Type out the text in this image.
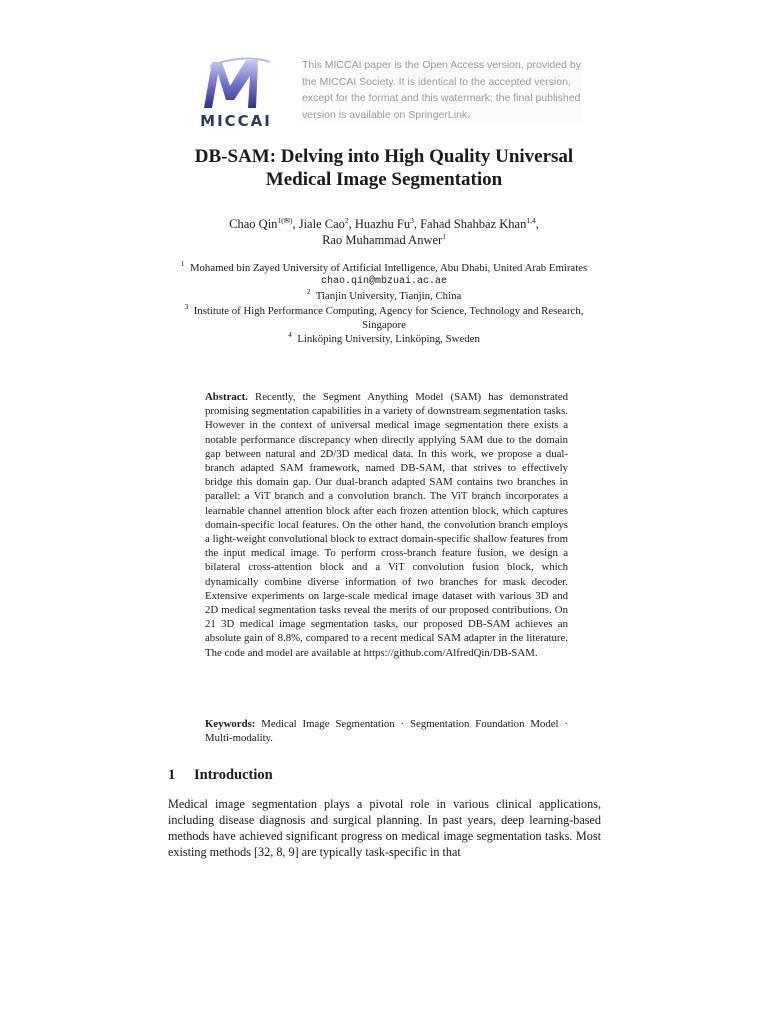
MICCAI
This MICCAI paper is the Open Access version, provided by the MICCAI Society. It is identical to the accepted version, except for the format and this watermark; the final published version is available on SpringerLink.
DB-SAM: Delving into High Quality Universal
Medical Image Segmentation
Chao Qin$^{1(✉)}$, Jiale Cao$^2$, Huazhu Fu$^3$, Fahad Shahbaz Khan$^{1,4}$,
Rao Muhammad Anwer$^1$
$^1$ Mohamed bin Zayed University of Artificial Intelligence, Abu Dhabi, United Arab Emirates
chao.qin@mbzuai.ac.ae
$^2$ Tianjin University, Tianjin, China
$^3$ Institute of High Performance Computing, Agency for Science, Technology and Research, Singapore
$^4$ Linköping University, Linköping, Sweden
Abstract. Recently, the Segment Anything Model (SAM) has demonstrated promising segmentation capabilities in a variety of downstream segmentation tasks. However in the context of universal medical image segmentation there exists a notable performance discrepancy when directly applying SAM due to the domain gap between natural and 2D/3D medical data. In this work, we propose a dual-branch adapted SAM framework, named DB-SAM, that strives to effectively bridge this domain gap. Our dual-branch adapted SAM contains two branches in parallel: a ViT branch and a convolution branch. The ViT branch incorporates a learnable channel attention block after each frozen attention block, which captures domain-specific local features. On the other hand, the convolution branch employs a light-weight convolutional block to extract domain-specific shallow features from the input medical image. To perform cross-branch feature fusion, we design a bilateral cross-attention block and a ViT convolution fusion block, which dynamically combine diverse information of two branches for mask decoder. Extensive experiments on large-scale medical image dataset with various 3D and 2D medical segmentation tasks reveal the merits of our proposed contributions. On 21 3D medical image segmentation tasks, our proposed DB-SAM achieves an absolute gain of 8.8%, compared to a recent medical SAM adapter in the literature. The code and model are available at https://github.com/AlfredQin/DB-SAM.
Keywords: Medical Image Segmentation · Segmentation Foundation Model · Multi-modality.
1 Introduction
Medical image segmentation plays a pivotal role in various clinical applications, including disease diagnosis and surgical planning. In past years, deep learning-based methods have achieved significant progress on medical image segmentation tasks. Most existing methods [32, 8, 9] are typically task-specific in that
